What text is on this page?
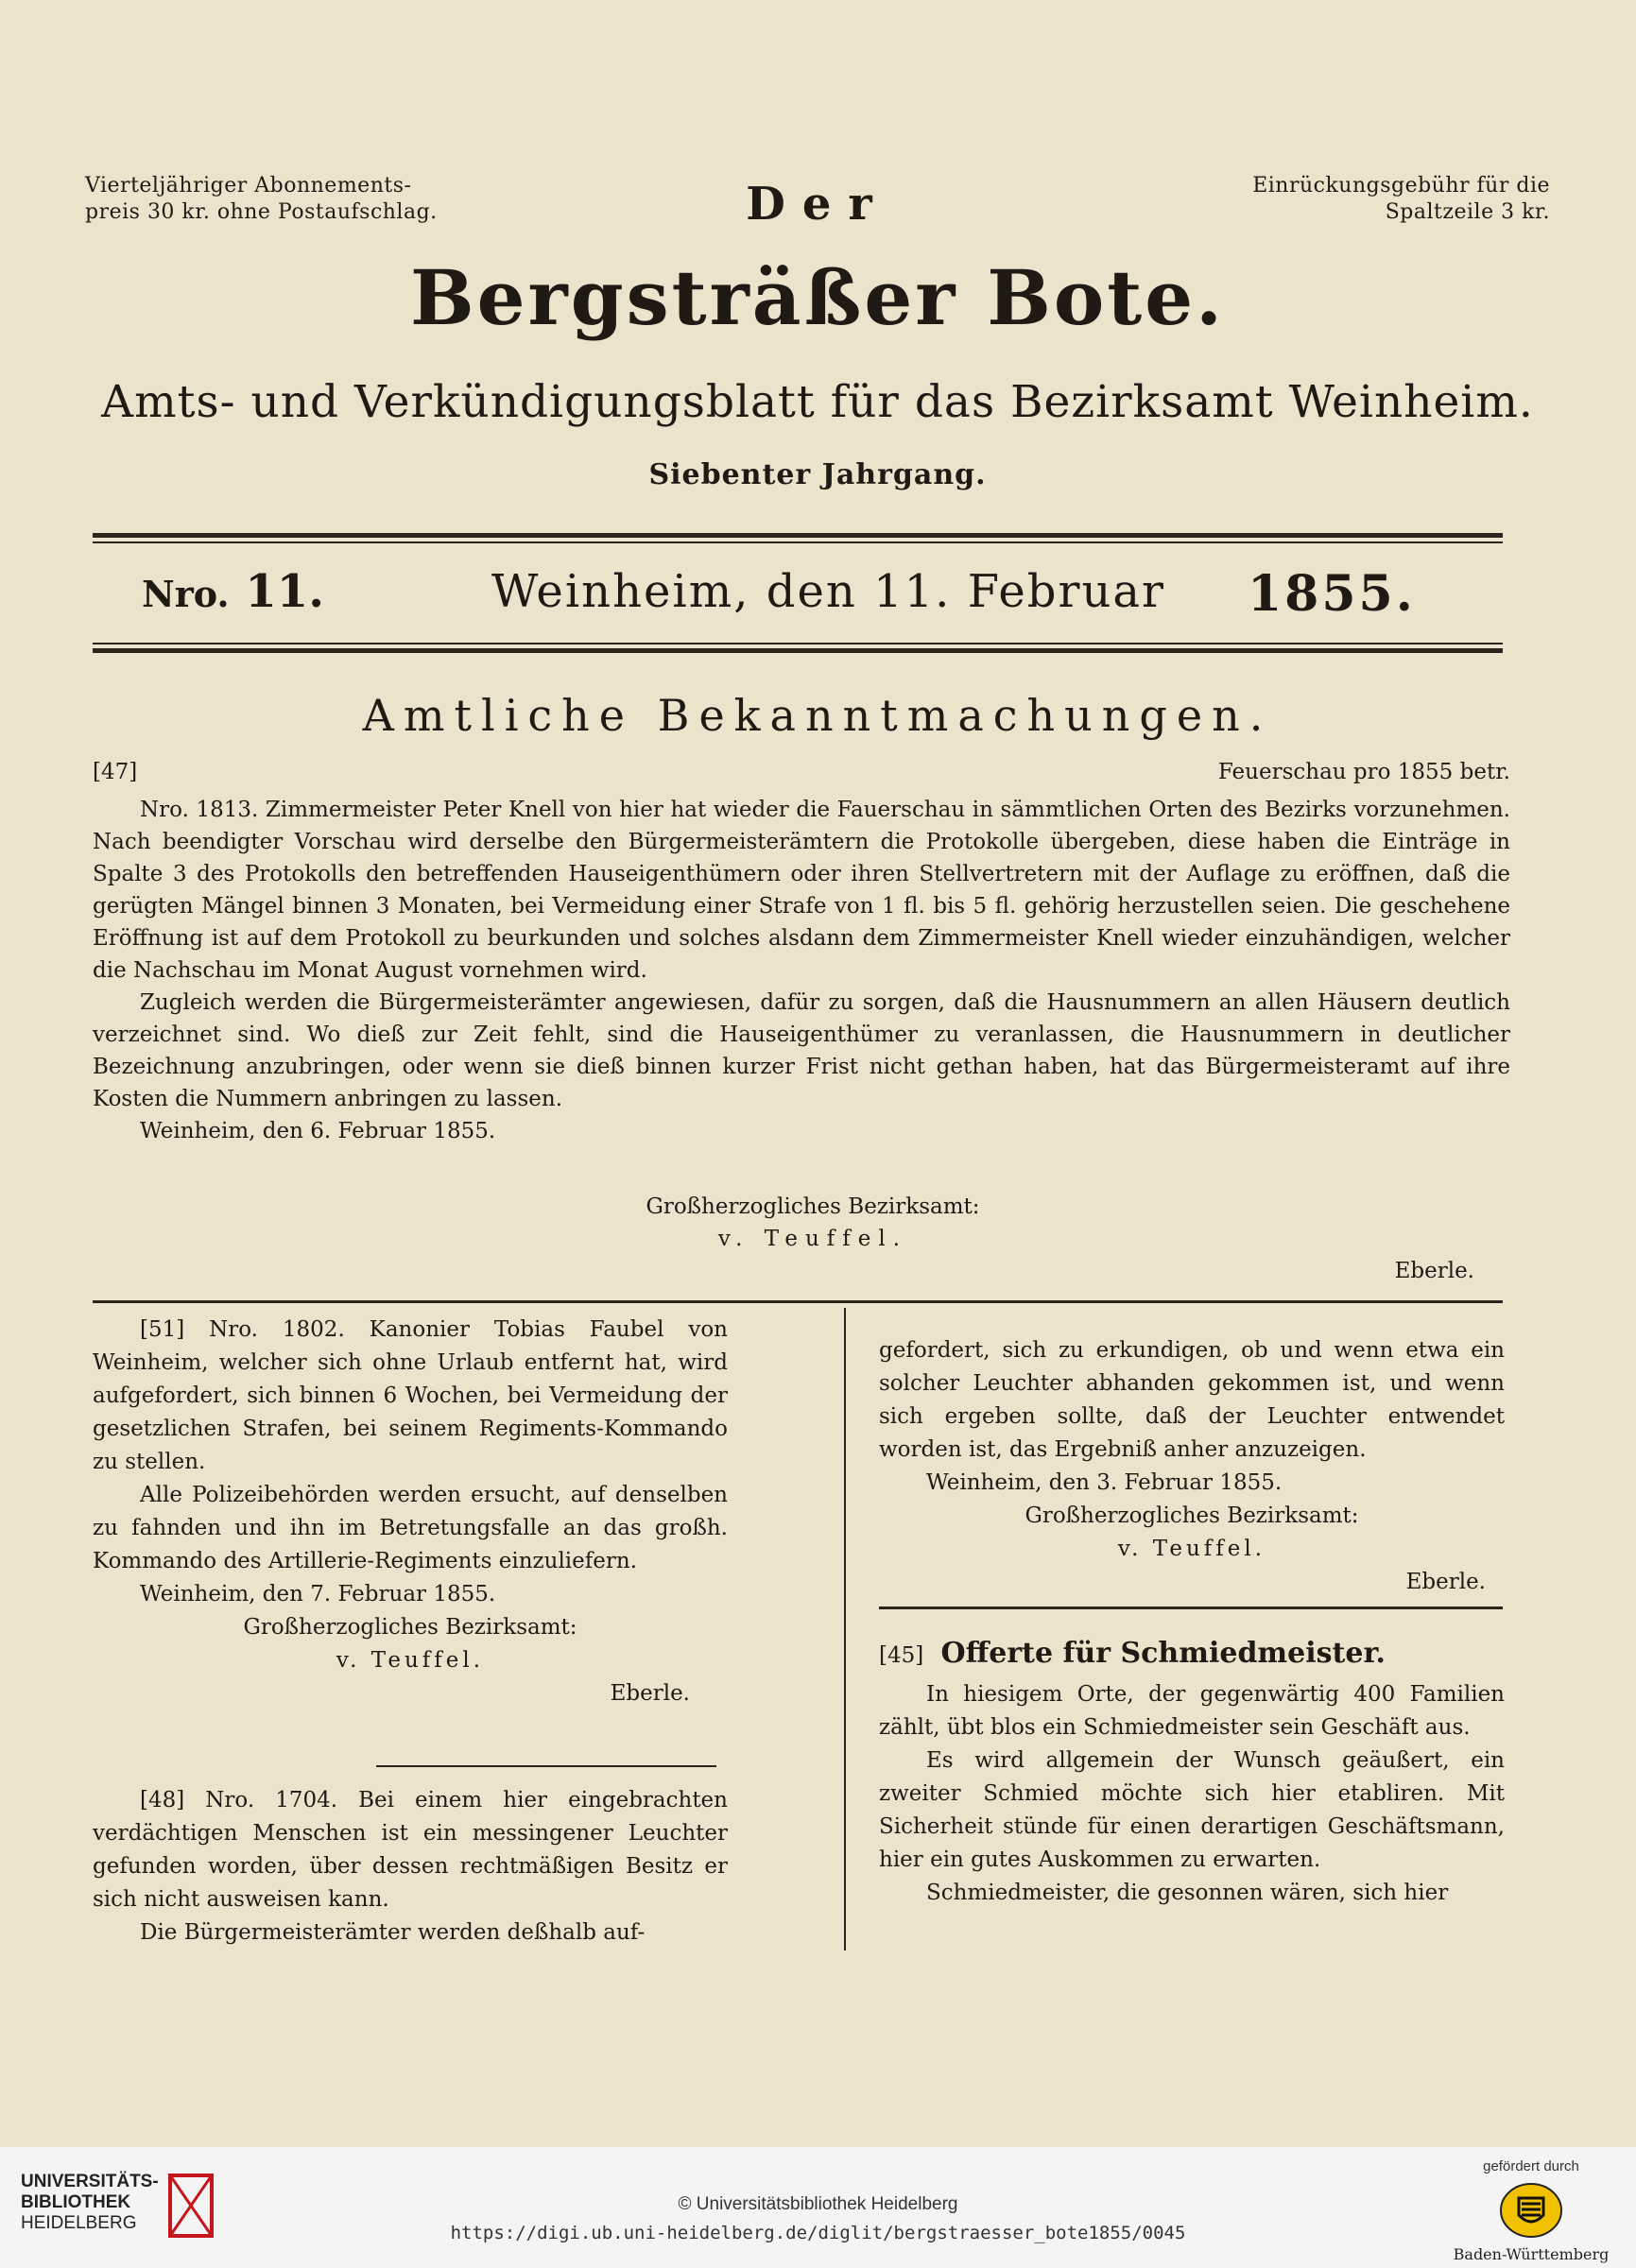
Vierteljähriger Abonnements-
preis 30 kr. ohne Postaufschlag.
Einrückungsgebühr für die
Spaltzeile 3 kr.
Der
Bergsträßer Bote.
Amts- und Verkündigungsblatt für das Bezirksamt Weinheim.
Siebenter Jahrgang.
Nro. 11.	Weinheim, den 11. Februar	1855.
Amtliche Bekanntmachungen.
[47]	Feuerschau pro 1855 betr.

Nro. 1813. Zimmermeister Peter Knell von hier hat wieder die Fauerschau in sämmtlichen Orten des Bezirks vorzunehmen. Nach beendigter Vorschau wird derselbe den Bürgermeisterämtern die Protokolle übergeben, diese haben die Einträge in Spalte 3 des Protokolls den betreffenden Hauseigenthümern oder ihren Stellvertretern mit der Auflage zu eröffnen, daß die gerügten Mängel binnen 3 Monaten, bei Vermeidung einer Strafe von 1 fl. bis 5 fl. gehörig herzustellen seien. Die geschehene Eröffnung ist auf dem Protokoll zu beurkunden und solches alsdann dem Zimmermeister Knell wieder einzuhändigen, welcher die Nachschau im Monat August vornehmen wird.

Zugleich werden die Bürgermeisterämter angewiesen, dafür zu sorgen, daß die Hausnummern an allen Häusern deutlich verzeichnet sind. Wo dieß zur Zeit fehlt, sind die Hauseigenthümer zu veranlassen, die Hausnummern in deutlicher Bezeichnung anzubringen, oder wenn sie dieß binnen kurzer Frist nicht gethan haben, hat das Bürgermeisteramt auf ihre Kosten die Nummern anbringen zu lassen.

Weinheim, den 6. Februar 1855.

Großherzogliches Bezirksamt:
v. Teuffel.
Eberle.

[51] Nro. 1802. Kanonier Tobias Faubel von Weinheim, welcher sich ohne Urlaub entfernt hat, wird aufgefordert, sich binnen 6 Wochen, bei Vermeidung der gesetzlichen Strafen, bei seinem Regiments-Kommando zu stellen.

Alle Polizeibehörden werden ersucht, auf denselben zu fahnden und ihn im Betretungsfalle an das großh. Kommando des Artillerie-Regiments einzuliefern.

Weinheim, den 7. Februar 1855.

Großherzogliches Bezirksamt:

v. Teuffel.

Eberle.

[48] Nro. 1704. Bei einem hier eingebrachten verdächtigen Menschen ist ein messingener Leuchter gefunden worden, über dessen rechtmäßigen Besitz er sich nicht ausweisen kann.

Die Bürgermeisterämter werden deßhalb auf-

gefordert, sich zu erkundigen, ob und wenn etwa ein solcher Leuchter abhanden gekommen ist, und wenn sich ergeben sollte, daß der Leuchter entwendet worden ist, das Ergebniß anher anzuzeigen.

Weinheim, den 3. Februar 1855.

Großherzogliches Bezirksamt:

v. Teuffel.

Eberle.

[45] Offerte für Schmiedmeister.

In hiesigem Orte, der gegenwärtig 400 Familien zählt, übt blos ein Schmiedmeister sein Geschäft aus.

Es wird allgemein der Wunsch geäußert, ein zweiter Schmied möchte sich hier etabliren. Mit Sicherheit stünde für einen derartigen Geschäftsmann, hier ein gutes Auskommen zu erwarten.

Schmiedmeister, die gesonnen wären, sich hier

UNIVERSITÄTS-
BIBLIOTHEK
HEIDELBERG
© Universitätsbibliothek Heidelberg
https://digi.ub.uni-heidelberg.de/diglit/bergstraesser_bote1855/0045
gefördert durch
Baden-Württemberg
